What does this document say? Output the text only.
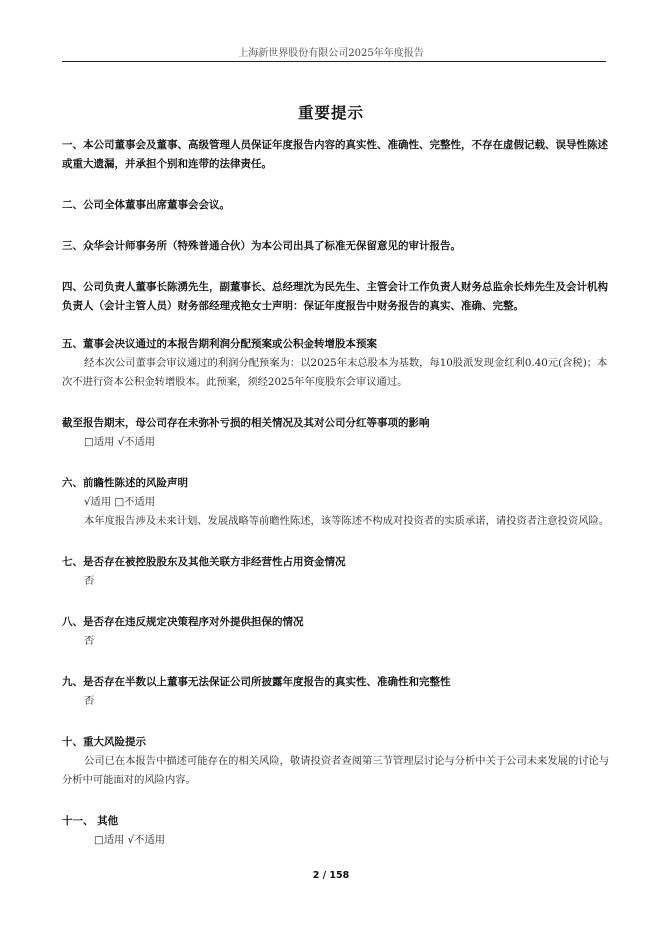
上海新世界股份有限公司2025年年度报告
重要提示

一、本公司董事会及董事、高级管理人员保证年度报告内容的真实性、准确性、完整性，不存在虚假记载、误导性陈述或重大遗漏，并承担个别和连带的法律责任。

二、公司全体董事出席董事会会议。

三、众华会计师事务所（特殊普通合伙）为本公司出具了标准无保留意见的审计报告。

四、公司负责人董事长陈湧先生，副董事长、总经理沈为民先生、主管会计工作负责人财务总监余长炜先生及会计机构负责人（会计主管人员）财务部经理戎艳女士声明：保证年度报告中财务报告的真实、准确、完整。

五、董事会决议通过的本报告期利润分配预案或公积金转增股本预案

经本次公司董事会审议通过的利润分配预案为：以2025年末总股本为基数，每10股派发现金红利0.40元(含税)；本次不进行资本公积金转增股本。此预案，须经2025年年度股东会审议通过。

截至报告期末，母公司存在未弥补亏损的相关情况及其对公司分红等事项的影响

□适用 √不适用

六、前瞻性陈述的风险声明

√适用 □不适用

本年度报告涉及未来计划、发展战略等前瞻性陈述，该等陈述不构成对投资者的实质承诺，请投资者注意投资风险。

七、是否存在被控股股东及其他关联方非经营性占用资金情况

否

八、是否存在违反规定决策程序对外提供担保的情况

否

九、是否存在半数以上董事无法保证公司所披露年度报告的真实性、准确性和完整性

否

十、重大风险提示

公司已在本报告中描述可能存在的相关风险，敬请投资者查阅第三节管理层讨论与分析中关于公司未来发展的讨论与分析中可能面对的风险内容。

十一、 其他

□适用 √不适用

2 / 158
